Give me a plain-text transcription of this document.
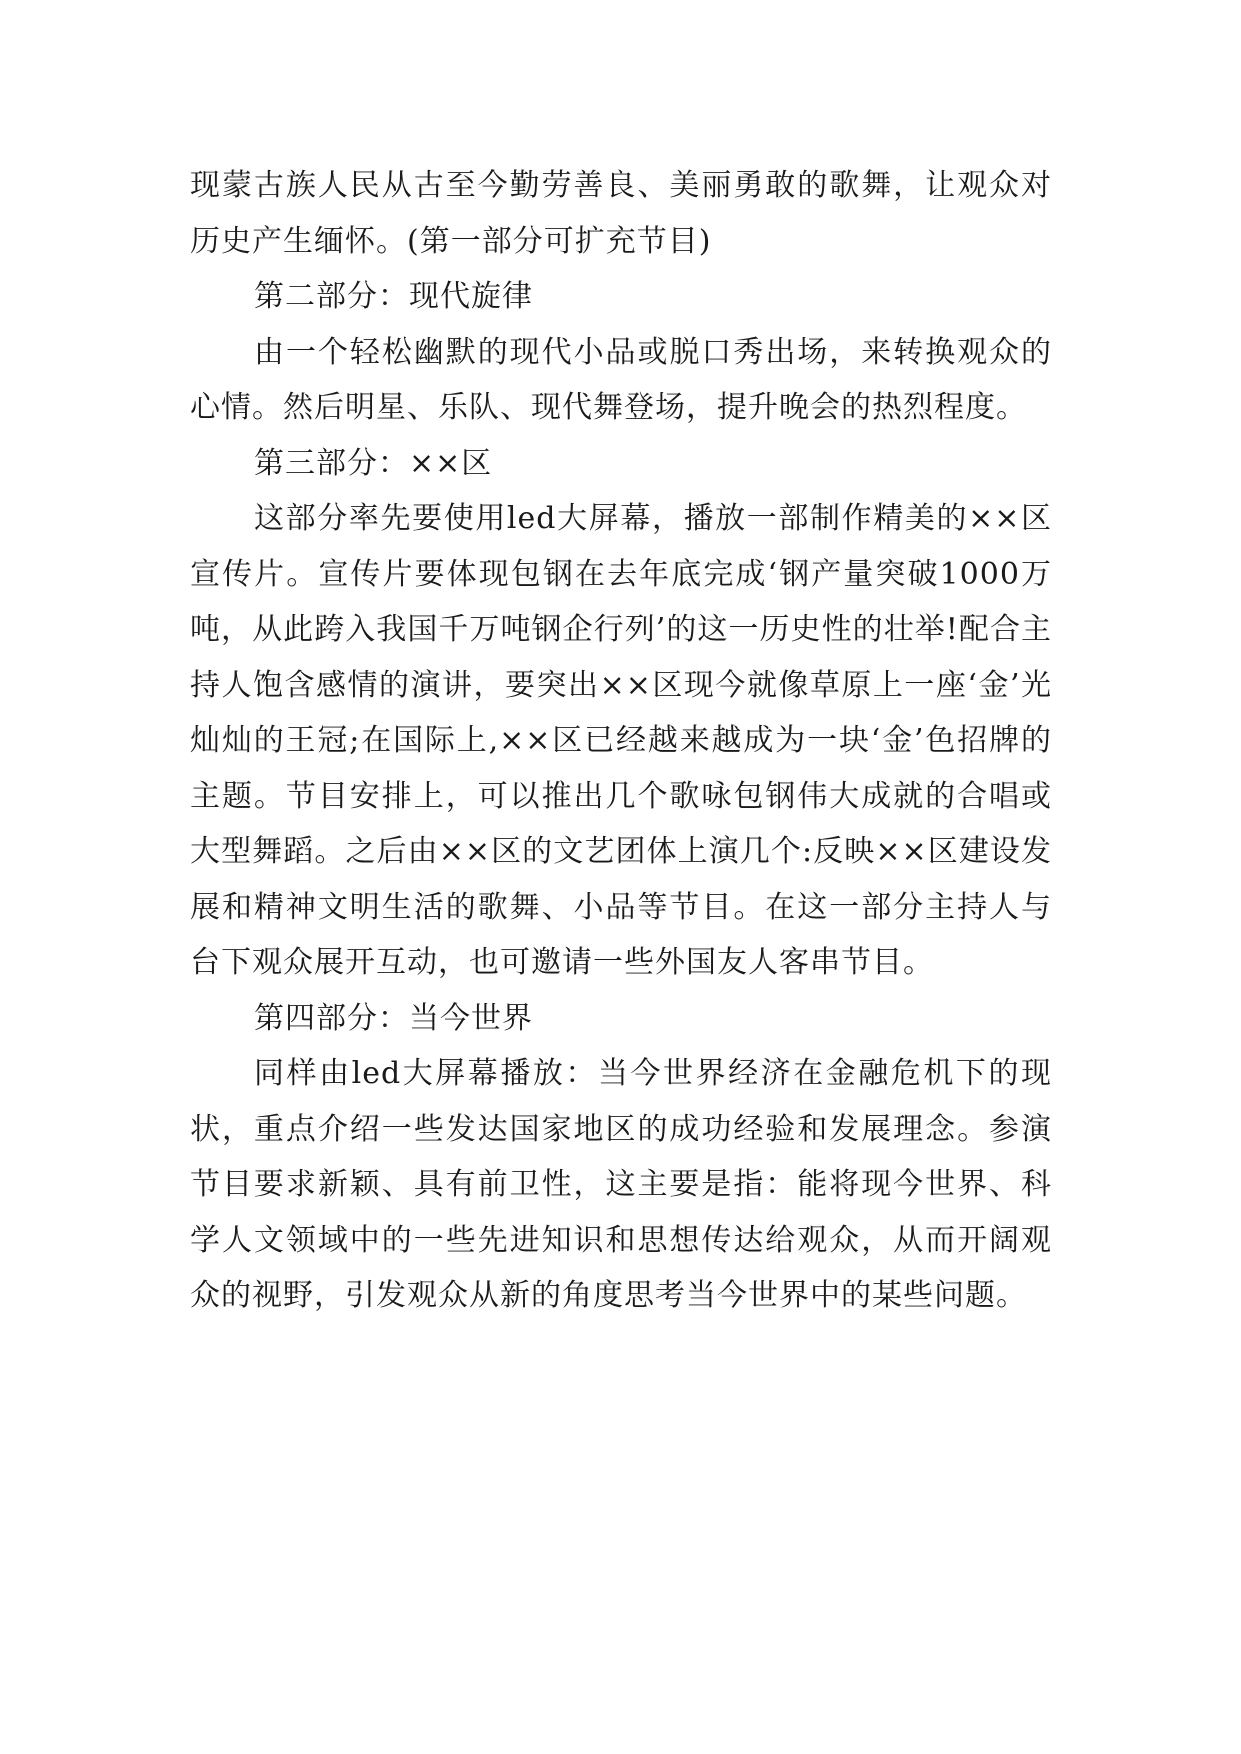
现蒙古族人民从古至今勤劳善良、美丽勇敢的歌舞，让观众对历史产生缅怀。(第一部分可扩充节目)

第二部分：现代旋律

由一个轻松幽默的现代小品或脱口秀出场，来转换观众的心情。然后明星、乐队、现代舞登场，提升晚会的热烈程度。

第三部分：××区

这部分率先要使用led大屏幕，播放一部制作精美的××区宣传片。宣传片要体现包钢在去年底完成‘钢产量突破1000万吨，从此跨入我国千万吨钢企行列’的这一历史性的壮举!配合主持人饱含感情的演讲，要突出××区现今就像草原上一座‘金’光灿灿的王冠;在国际上,××区已经越来越成为一块‘金’色招牌的主题。节目安排上，可以推出几个歌咏包钢伟大成就的合唱或大型舞蹈。之后由××区的文艺团体上演几个:反映××区建设发展和精神文明生活的歌舞、小品等节目。在这一部分主持人与台下观众展开互动，也可邀请一些外国友人客串节目。

第四部分：当今世界

同样由led大屏幕播放：当今世界经济在金融危机下的现状，重点介绍一些发达国家地区的成功经验和发展理念。参演节目要求新颖、具有前卫性，这主要是指：能将现今世界、科学人文领域中的一些先进知识和思想传达给观众，从而开阔观众的视野，引发观众从新的角度思考当今世界中的某些问题。
